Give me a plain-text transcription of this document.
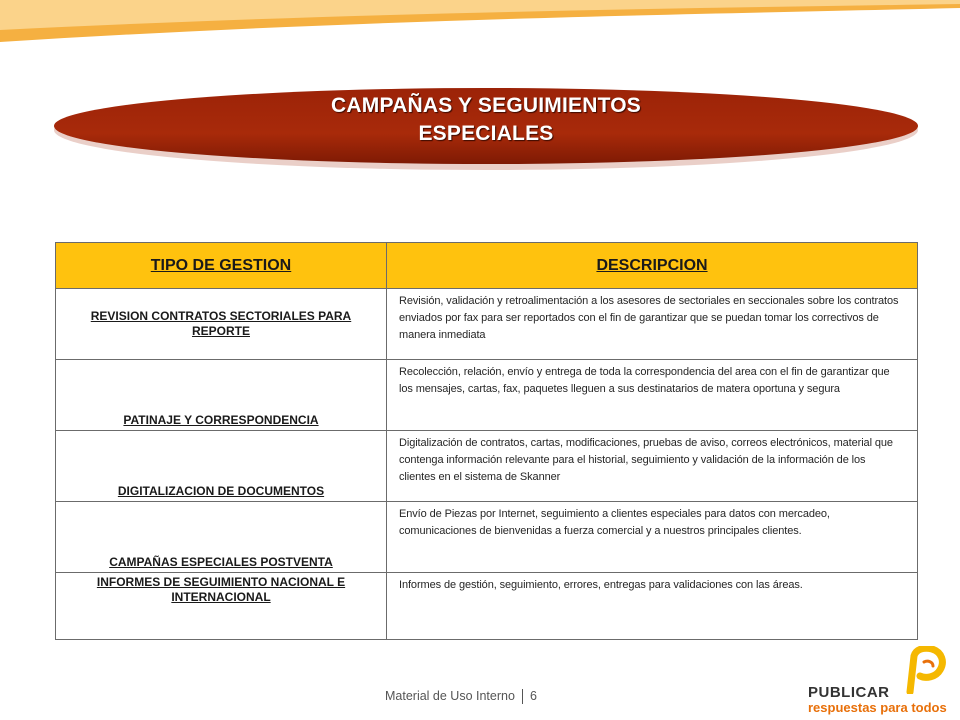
CAMPAÑAS Y SEGUIMIENTOS
ESPECIALES
TIPO DE GESTION	DESCRIPCION
REVISION CONTRATOS SECTORIALES PARA REPORTE	Revisión, validación y retroalimentación a los asesores de sectoriales en seccionales sobre los contratos enviados por fax para ser reportados con el fin de garantizar que se puedan tomar los correctivos de manera inmediata
PATINAJE Y CORRESPONDENCIA	Recolección, relación, envío y entrega de toda la correspondencia del area con el fin de garantizar que los mensajes, cartas, fax, paquetes lleguen a sus destinatarios de matera oportuna y segura
DIGITALIZACION DE DOCUMENTOS	Digitalización de contratos, cartas, modificaciones, pruebas de aviso, correos electrónicos, material que contenga información relevante para el historial, seguimiento y validación de la información de los clientes en el sistema de Skanner
CAMPAÑAS ESPECIALES POSTVENTA	Envío de Piezas por Internet, seguimiento a clientes especiales para datos con mercadeo, comunicaciones de bienvenidas a fuerza comercial y a nuestros principales clientes.
INFORMES DE SEGUIMIENTO NACIONAL E INTERNACIONAL	Informes de gestión, seguimiento, errores, entregas para validaciones con las áreas.
Material de Uso Interno 6	PUBLICAR
respuestas para todos
